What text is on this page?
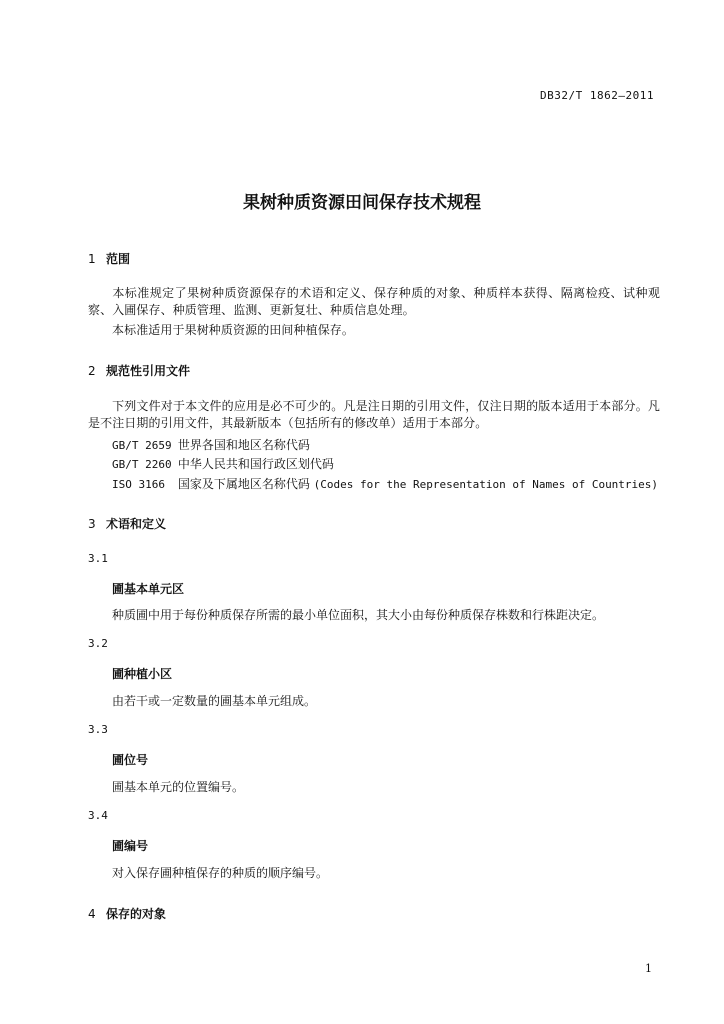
DB32/T 1862—2011
果树种质资源田间保存技术规程
1 范围
本标准规定了果树种质资源保存的术语和定义、保存种质的对象、种质样本获得、隔离检疫、试种观察、入圃保存、种质管理、监测、更新复壮、种质信息处理。
本标准适用于果树种质资源的田间种植保存。
2 规范性引用文件
下列文件对于本文件的应用是必不可少的。凡是注日期的引用文件，仅注日期的版本适用于本部分。凡是不注日期的引用文件，其最新版本（包括所有的修改单）适用于本部分。
GB/T 2659 世界各国和地区名称代码
GB/T 2260 中华人民共和国行政区划代码
ISO 3166 国家及下属地区名称代码 (Codes for the Representation of Names of Countries)
3 术语和定义
3.1
圃基本单元区
种质圃中用于每份种质保存所需的最小单位面积，其大小由每份种质保存株数和行株距决定。
3.2
圃种植小区
由若干或一定数量的圃基本单元组成。
3.3
圃位号
圃基本单元的位置编号。
3.4
圃编号
对入保存圃种植保存的种质的顺序编号。
4 保存的对象
1
